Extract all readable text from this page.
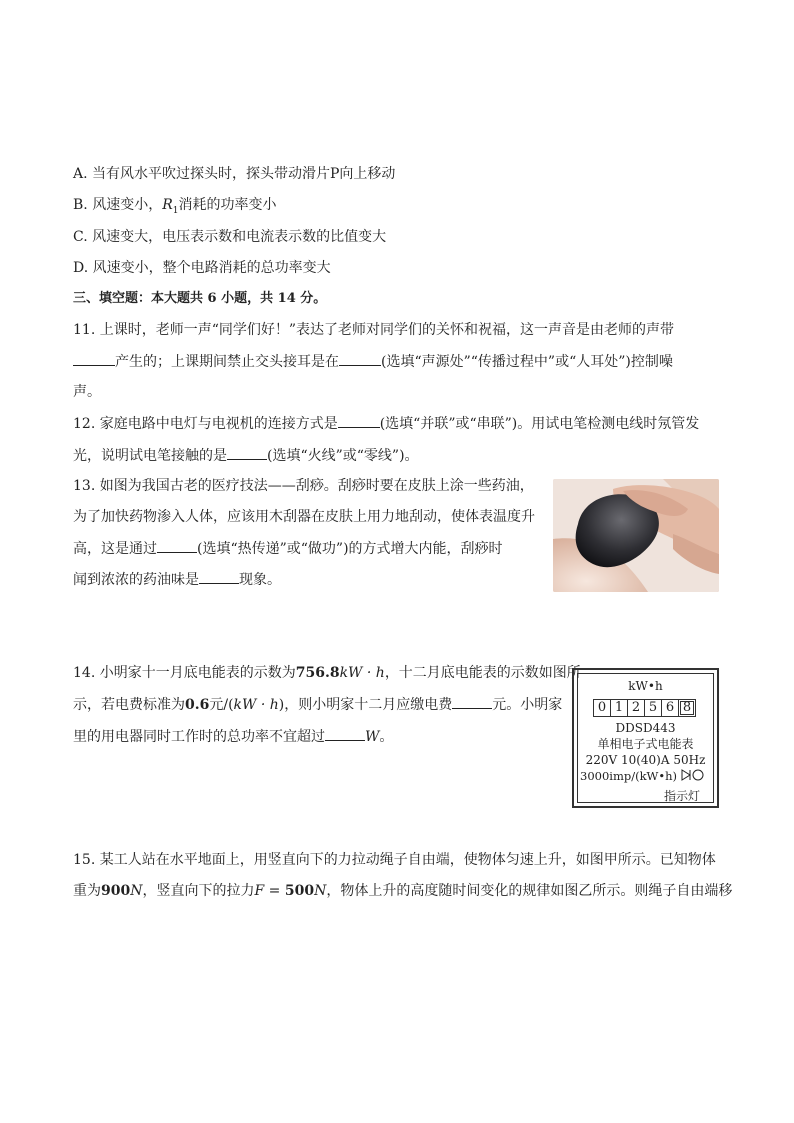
A. 当有风水平吹过探头时，探头带动滑片P向上移动
B. 风速变小，$R_1$消耗的功率变小
C. 风速变大，电压表示数和电流表示数的比值变大
D. 风速变小，整个电路消耗的总功率变大
三、填空题：本大题共 6 小题，共 14 分。
11. 上课时，老师一声“同学们好！”表达了老师对同学们的关怀和祝福，这一声音是由老师的声带
产生的；上课期间禁止交头接耳是在	(选填“声源处”“传播过程中”或“人耳处”)控制噪
声。
12. 家庭电路中电灯与电视机的连接方式是	(选填“并联”或“串联”)。用试电笔检测电线时氖管发
光，说明试电笔接触的是	(选填“火线”或“零线”)。
13. 如图为我国古老的医疗技法——刮痧。刮痧时要在皮肤上涂一些药油，
为了加快药物渗入人体，应该用木刮器在皮肤上用力地刮动，使体表温度升
高，这是通过	(选填“热传递”或“做功”)的方式增大内能，刮痧时
闻到浓浓的药油味是	现象。
14. 小明家十一月底电能表的示数为756.8kW · h，十二月底电能表的示数如图所
示，若电费标准为0.6元/(kW · h)，则小明家十二月应缴电费	元。小明家
里的用电器同时工作时的总功率不宜超过	W。
kW•h
0 1 2 5 6 8
DDSD443
单相电子式电能表
220V 10(40)A 50Hz
3000imp/(kW•h)
指示灯
15. 某工人站在水平地面上，用竖直向下的力拉动绳子自由端，使物体匀速上升，如图甲所示。已知物体
重为900N，竖直向下的拉力F = 500N，物体上升的高度随时间变化的规律如图乙所示。则绳子自由端移
